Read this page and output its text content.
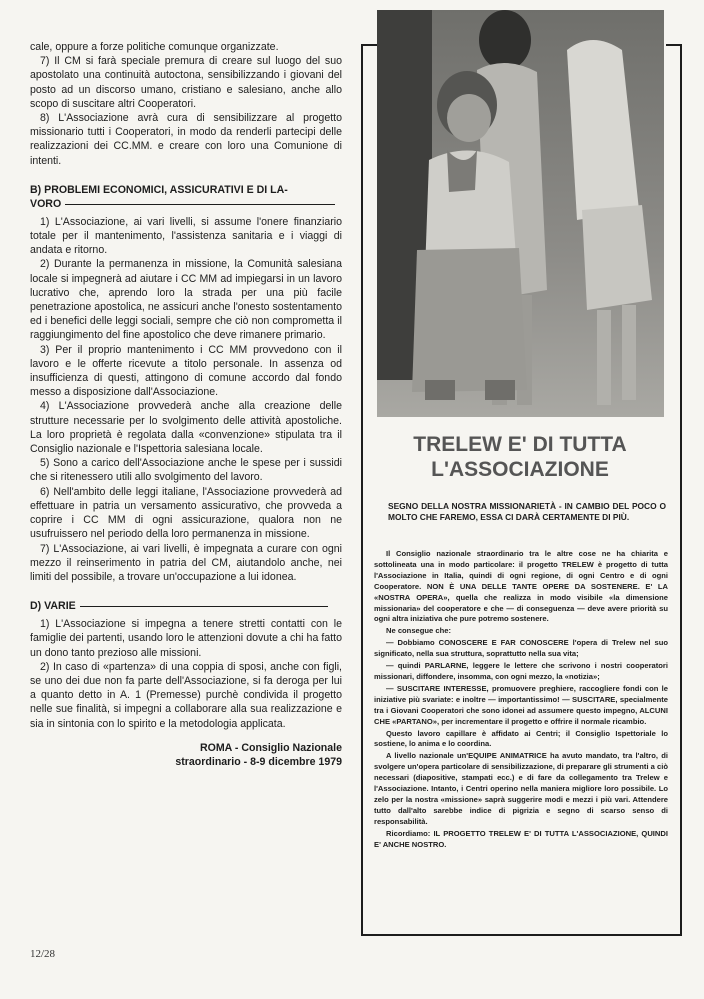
cale, oppure a forze politiche comunque organizzate.

7) Il CM si farà speciale premura di creare sul luogo del suo apostolato una continuità autoctona, sensibilizzando i giovani del posto ad un discorso umano, cristiano e salesiano, anche allo scopo di suscitare altri Cooperatori.

8) L'Associazione avrà cura di sensibilizzare al progetto missionario tutti i Cooperatori, in modo da renderli partecipi delle realizzazioni dei CC.MM. e creare con loro una Comunione di intenti.

B) PROBLEMI ECONOMICI, ASSICURATIVI E DI LA-
VORO

1) L'Associazione, ai vari livelli, si assume l'onere finanziario totale per il mantenimento, l'assistenza sanitaria e i viaggi di andata e ritorno.

2) Durante la permanenza in missione, la Comunità salesiana locale si impegnerà ad aiutare i CC MM ad impiegarsi in un lavoro lucrativo che, aprendo loro la strada per una più facile penetrazione apostolica, ne assicuri anche l'onesto sostentamento ed i benefici delle leggi sociali, sempre che ciò non comprometta il raggiungimento del fine apostolico che deve rimanere primario.

3) Per il proprio mantenimento i CC MM provvedono con il lavoro e le offerte ricevute a titolo personale. In assenza od insufficienza di questi, attingono di comune accordo dal fondo messo a disposizione dall'Associazione.

4) L'Associazione provvederà anche alla creazione delle strutture necessarie per lo svolgimento delle attività apostoliche. La loro proprietà è regolata dalla «convenzione» stipulata tra il Consiglio nazionale e l'Ispettoria salesiana locale.

5) Sono a carico dell'Associazione anche le spese per i sussidi che si ritenessero utili allo svolgimento del lavoro.

6) Nell'ambito delle leggi italiane, l'Associazione provvederà ad effettuare in patria un versamento assicurativo, che provveda a coprire i CC MM di ogni assicurazione, qualora non ne usufruissero nel periodo della loro permanenza in missione.

7) L'Associazione, ai vari livelli, è impegnata a curare con ogni mezzo il reinserimento in patria del CM, aiutandolo anche, nei limiti del possibile, a trovare un'occupazione a lui idonea.

D) VARIE

1) L'Associazione si impegna a tenere stretti contatti con le famiglie dei partenti, usando loro le attenzioni dovute a chi ha fatto un dono tanto prezioso alle missioni.

2) In caso di «partenza» di una coppia di sposi, anche con figli, se uno dei due non fa parte dell'Associazione, si fa deroga per lui a quanto detto in A. 1 (Premesse) purchè condivida il progetto nelle sue finalità, si impegni a collaborare alla sua realizzazione e sia in sintonia con lo spirito e la metodologia applicata.

ROMA - Consiglio Nazionale
straordinario - 8-9 dicembre 1979
12/28
TRELEW E' DI TUTTA
L'ASSOCIAZIONE
SEGNO DELLA NOSTRA MISSIONARIETÀ - IN CAMBIO DEL POCO O MOLTO CHE FAREMO, ESSA CI DARÀ CERTAMENTE DI PIÙ.

Il Consiglio nazionale straordinario tra le altre cose ne ha chiarita e sottolineata una in modo particolare: il progetto TRELEW è progetto di tutta l'Associazione in Italia, quindi di ogni regione, di ogni Centro e di ogni Cooperatore. NON È UNA DELLE TANTE OPERE DA SOSTENERE. E' LA «NOSTRA OPERA», quella che realizza in modo visibile «la dimensione missionaria» del cooperatore e che — di conseguenza — deve avere priorità su ogni altra iniziativa che pure potremo sostenere.

Ne consegue che:

— Dobbiamo CONOSCERE E FAR CONOSCERE l'opera di Trelew nel suo significato, nella sua struttura, soprattutto nella sua vita;

— quindi PARLARNE, leggere le lettere che scrivono i nostri cooperatori missionari, diffondere, insomma, con ogni mezzo, la «notizia»;

— SUSCITARE INTERESSE, promuovere preghiere, raccogliere fondi con le iniziative più svariate: e inoltre — importantissimo! — SUSCITARE, specialmente tra i Giovani Cooperatori che sono idonei ad assumere questo impegno, ALCUNI CHE «PARTANO», per incrementare il progetto e offrire il normale ricambio.

Questo lavoro capillare è affidato ai Centri; il Consiglio Ispettoriale lo sostiene, lo anima e lo coordina.

A livello nazionale un'EQUIPE ANIMATRICE ha avuto mandato, tra l'altro, di svolgere un'opera particolare di sensibilizzazione, di preparare gli strumenti a ciò necessari (diapositive, stampati ecc.) e di fare da collegamento tra Trelew e l'Associazione. Intanto, i Centri operino nella maniera migliore loro possibile. Lo zelo per la nostra «missione» saprà suggerire modi e mezzi i più vari. Attendere tutto dall'alto sarebbe indice di pigrizia e segno di scarso senso di responsabilità.

Ricordiamo: IL PROGETTO TRELEW E' DI TUTTA L'ASSOCIAZIONE, QUINDI E' ANCHE NOSTRO.
